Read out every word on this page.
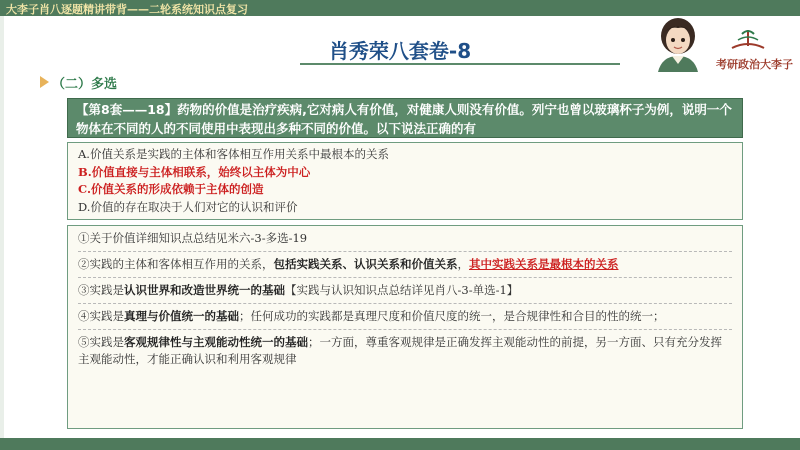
大李子肖八逐题精讲带背——二轮系统知识点复习
肖秀荣八套卷-8
考研政治大李子
（二）多选
【第8套——18】药物的价值是治疗疾病,它对病人有价值，对健康人则没有价值。列宁也曾以玻璃杯子为例，说明一个物体在不同的人的不同使用中表现出多种不同的价值。以下说法正确的有
A.价值关系是实践的主体和客体相互作用关系中最根本的关系
B.价值直接与主体相联系，始终以主体为中心
C.价值关系的形成依赖于主体的创造
D.价值的存在取决于人们对它的认识和评价
①关于价值详细知识点总结见米六-3-多选-19
②实践的主体和客体相互作用的关系，包括实践关系、认识关系和价值关系，其中实践关系是最根本的关系
③实践是认识世界和改造世界统一的基础【实践与认识知识点总结详见肖八-3-单选-1】
④实践是真理与价值统一的基础；任何成功的实践都是真理尺度和价值尺度的统一，是合规律性和合目的性的统一；
⑤实践是客观规律性与主观能动性统一的基础；一方面，尊重客观规律是正确发挥主观能动性的前提，另一方面、只有充分发挥主观能动性，才能正确认识和利用客观规律
